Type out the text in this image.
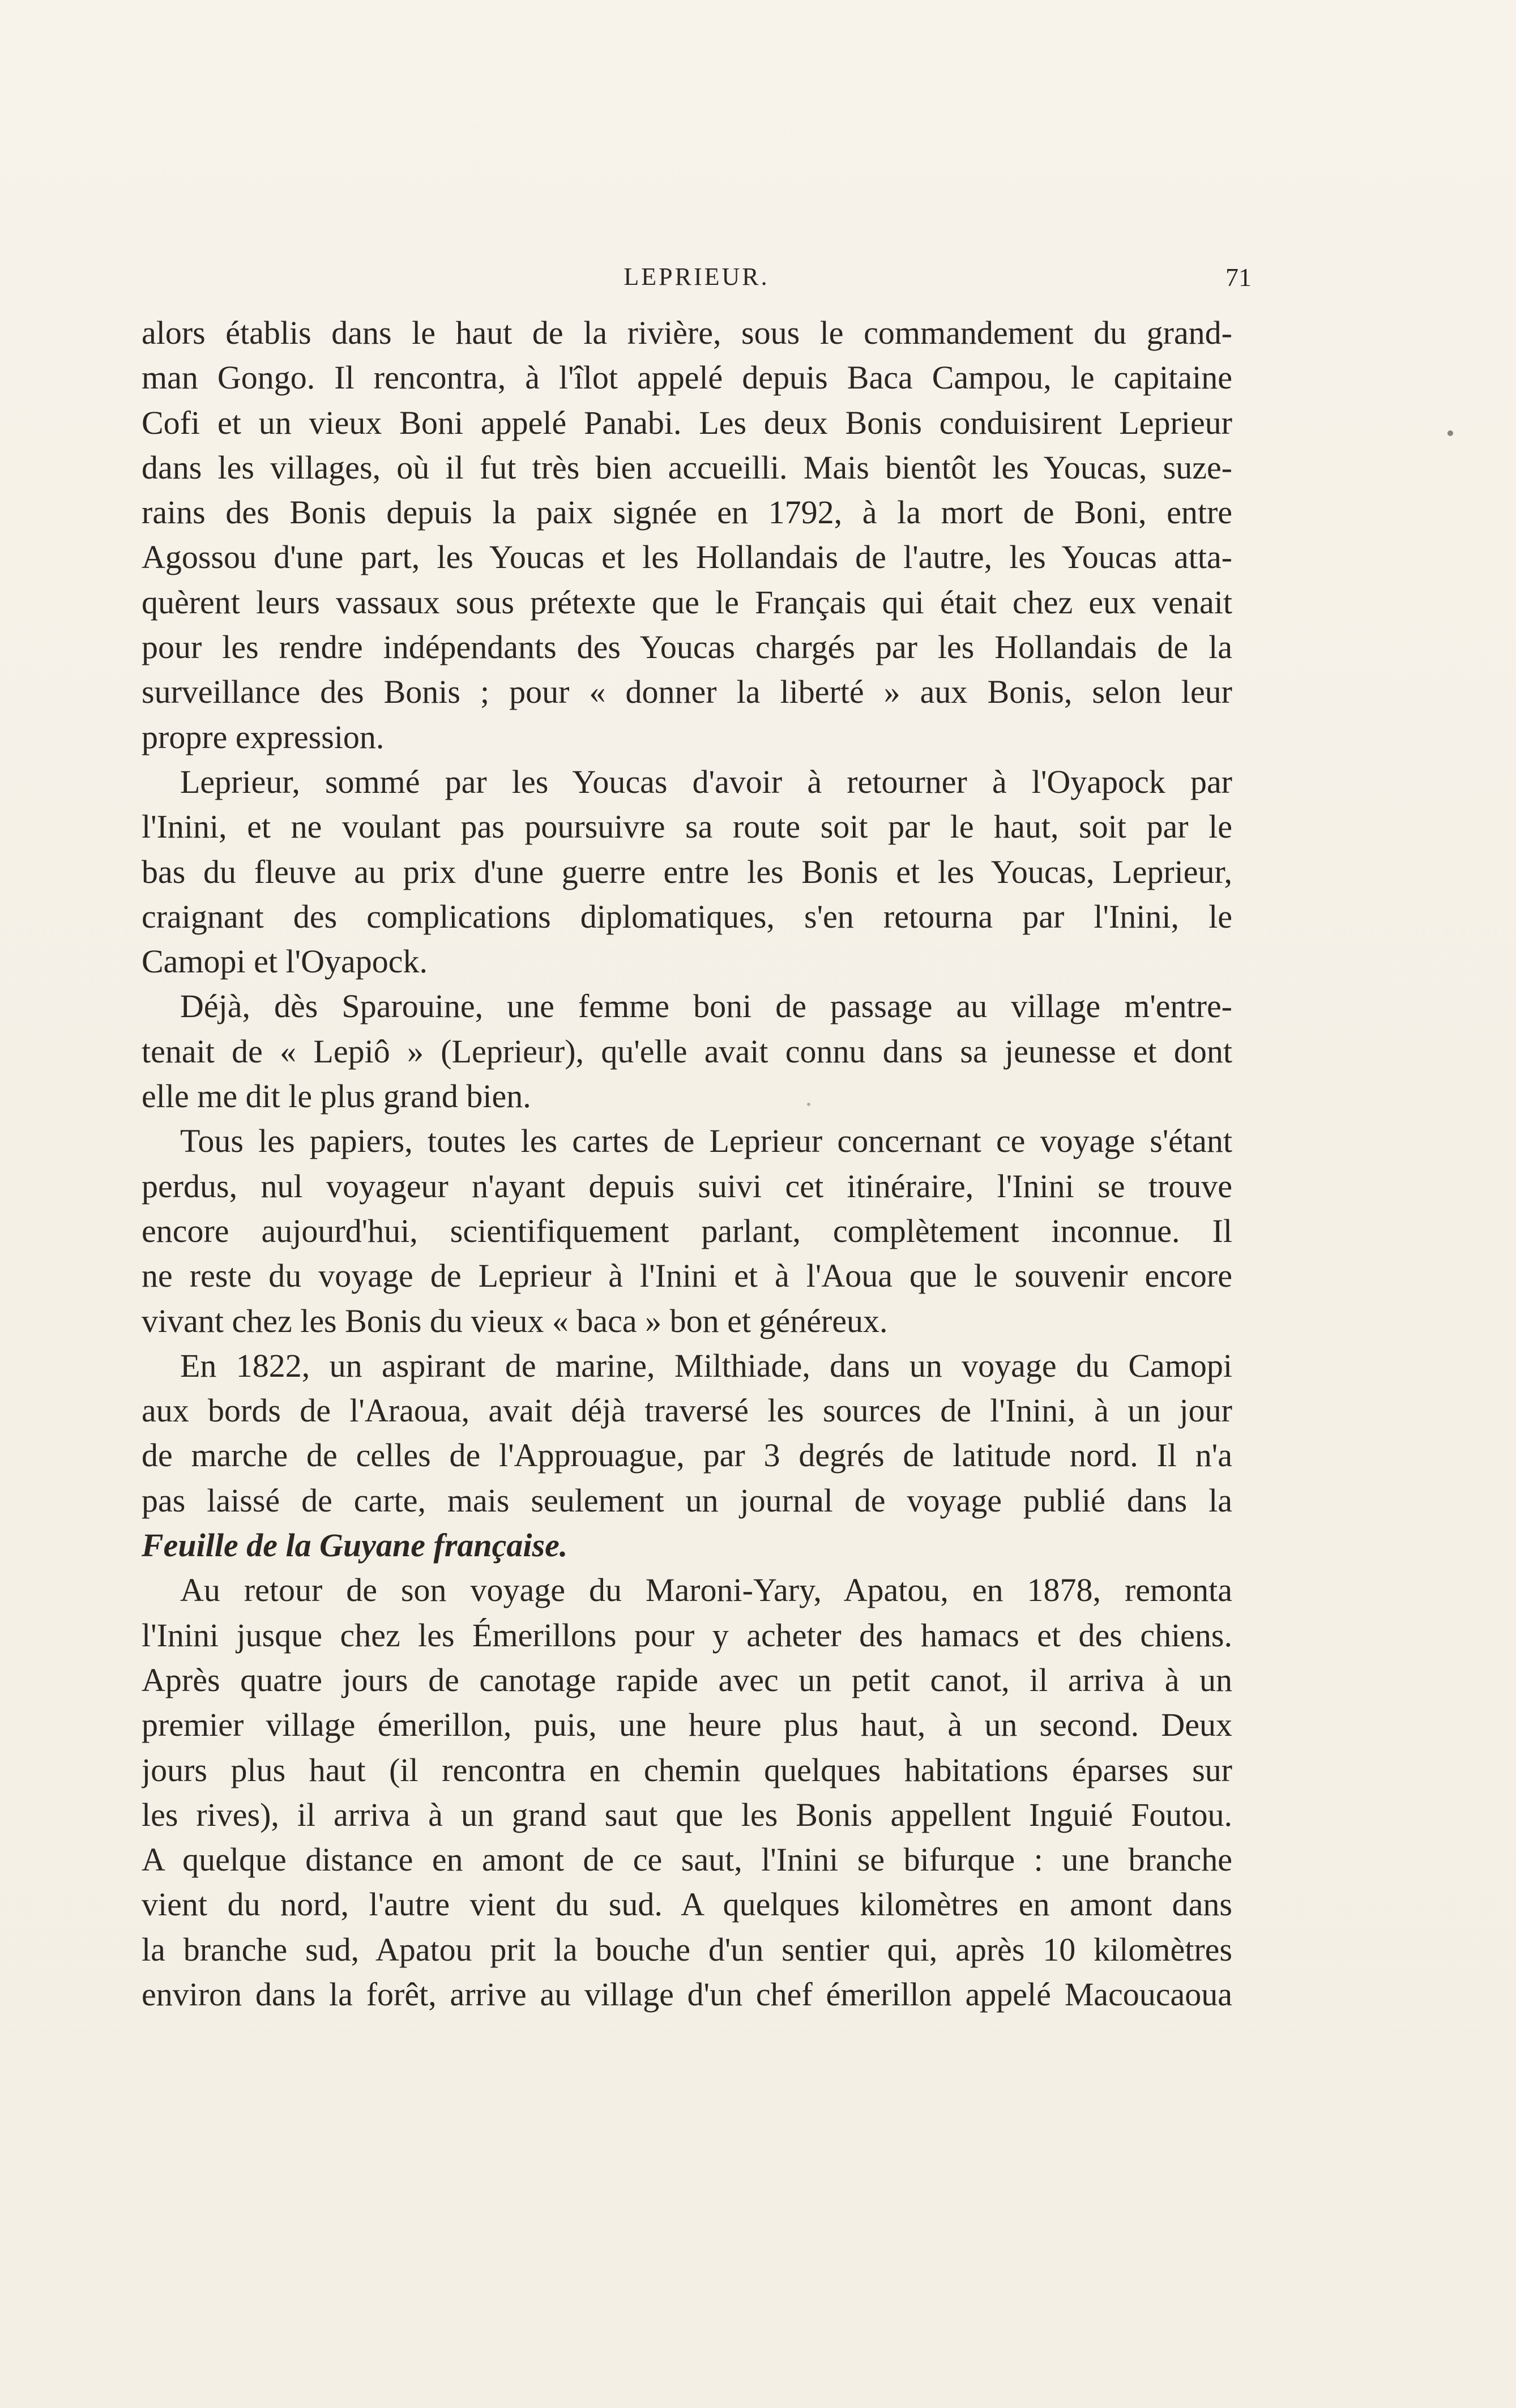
LEPRIEUR.	71
alors établis dans le haut de la rivière, sous le commandement du grand-
man Gongo. Il rencontra, à l'îlot appelé depuis Baca Campou, le capitaine
Cofi et un vieux Boni appelé Panabi. Les deux Bonis conduisirent Leprieur
dans les villages, où il fut très bien accueilli. Mais bientôt les Youcas, suze-
rains des Bonis depuis la paix signée en 1792, à la mort de Boni, entre
Agossou d'une part, les Youcas et les Hollandais de l'autre, les Youcas atta-
quèrent leurs vassaux sous prétexte que le Français qui était chez eux venait
pour les rendre indépendants des Youcas chargés par les Hollandais de la
surveillance des Bonis ; pour « donner la liberté » aux Bonis, selon leur
propre expression.
Leprieur, sommé par les Youcas d'avoir à retourner à l'Oyapock par
l'Inini, et ne voulant pas poursuivre sa route soit par le haut, soit par le
bas du fleuve au prix d'une guerre entre les Bonis et les Youcas, Leprieur,
craignant des complications diplomatiques, s'en retourna par l'Inini, le
Camopi et l'Oyapock.
Déjà, dès Sparouine, une femme boni de passage au village m'entre-
tenait de « Lepiô » (Leprieur), qu'elle avait connu dans sa jeunesse et dont
elle me dit le plus grand bien.
Tous les papiers, toutes les cartes de Leprieur concernant ce voyage s'étant
perdus, nul voyageur n'ayant depuis suivi cet itinéraire, l'Inini se trouve
encore aujourd'hui, scientifiquement parlant, complètement inconnue. Il
ne reste du voyage de Leprieur à l'Inini et à l'Aoua que le souvenir encore
vivant chez les Bonis du vieux « baca » bon et généreux.
En 1822, un aspirant de marine, Milthiade, dans un voyage du Camopi
aux bords de l'Araoua, avait déjà traversé les sources de l'Inini, à un jour
de marche de celles de l'Approuague, par 3 degrés de latitude nord. Il n'a
pas laissé de carte, mais seulement un journal de voyage publié dans la
Feuille de la Guyane française.
Au retour de son voyage du Maroni-Yary, Apatou, en 1878, remonta
l'Inini jusque chez les Émerillons pour y acheter des hamacs et des chiens.
Après quatre jours de canotage rapide avec un petit canot, il arriva à un
premier village émerillon, puis, une heure plus haut, à un second. Deux
jours plus haut (il rencontra en chemin quelques habitations éparses sur
les rives), il arriva à un grand saut que les Bonis appellent Inguié Foutou.
A quelque distance en amont de ce saut, l'Inini se bifurque : une branche
vient du nord, l'autre vient du sud. A quelques kilomètres en amont dans
la branche sud, Apatou prit la bouche d'un sentier qui, après 10 kilomètres
environ dans la forêt, arrive au village d'un chef émerillon appelé Macoucaoua
